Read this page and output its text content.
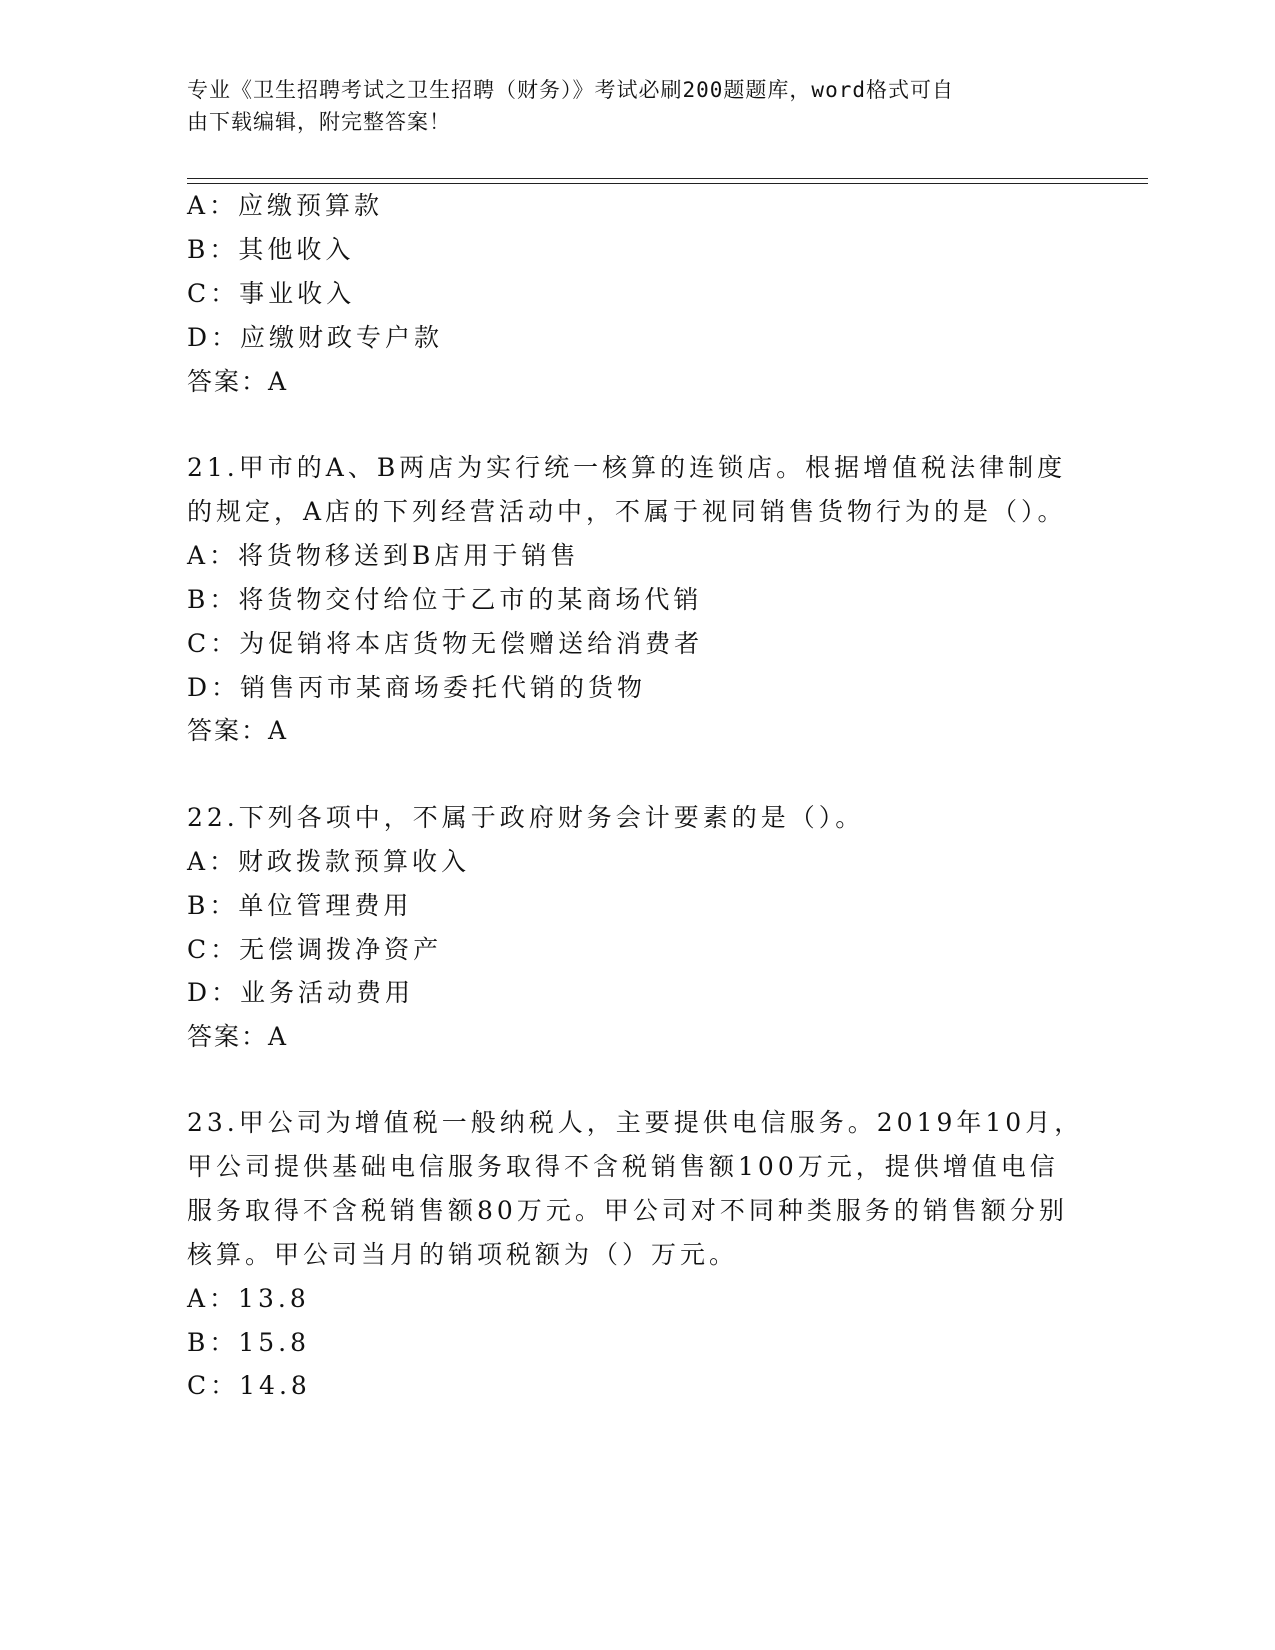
专业《卫生招聘考试之卫生招聘（财务）》考试必刷200题题库，word格式可自
由下载编辑，附完整答案！
A：应缴预算款
B：其他收入
C：事业收入
D：应缴财政专户款
答案：A
21.甲市的A、B两店为实行统一核算的连锁店。根据增值税法律制度
的规定，A店的下列经营活动中，不属于视同销售货物行为的是（）。
A：将货物移送到B店用于销售
B：将货物交付给位于乙市的某商场代销
C：为促销将本店货物无偿赠送给消费者
D：销售丙市某商场委托代销的货物
答案：A
22.下列各项中，不属于政府财务会计要素的是（）。
A：财政拨款预算收入
B：单位管理费用
C：无偿调拨净资产
D：业务活动费用
答案：A
23.甲公司为增值税一般纳税人，主要提供电信服务。2019年10月，
甲公司提供基础电信服务取得不含税销售额100万元，提供增值电信
服务取得不含税销售额80万元。甲公司对不同种类服务的销售额分别
核算。甲公司当月的销项税额为（）万元。
A：13.8
B：15.8
C：14.8
